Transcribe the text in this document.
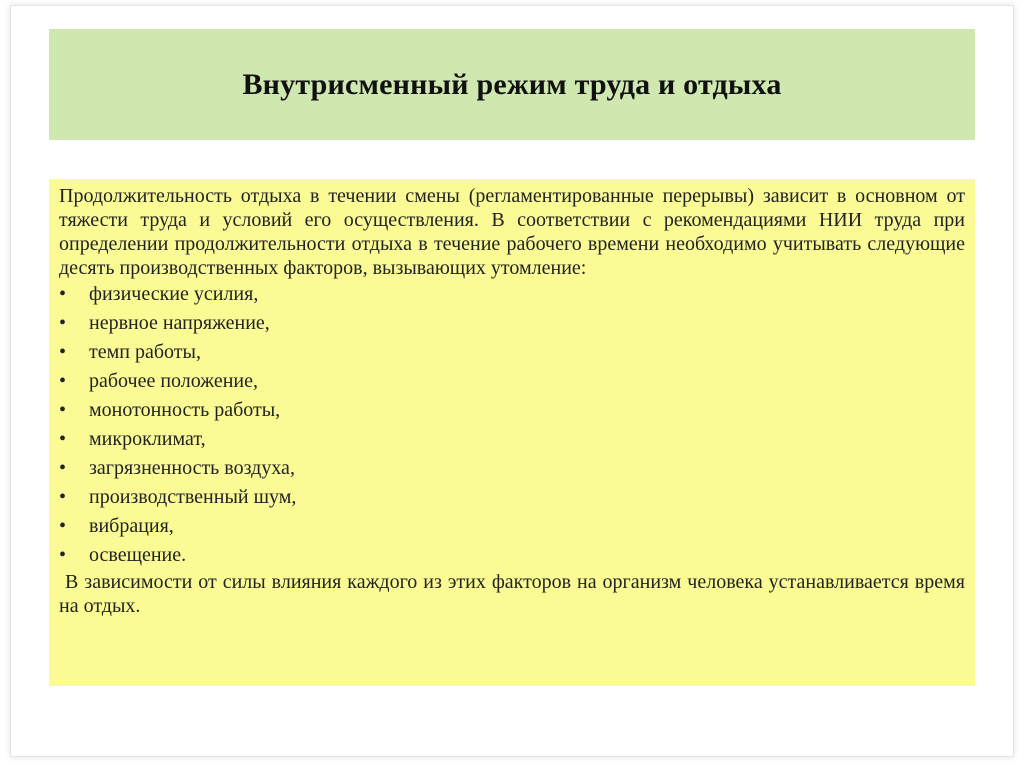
Внутрисменный режим труда и отдыха

Продолжительность отдыха в течении смены (регламентированные перерывы) зависит в основном от тяжести труда и условий его осуществления. В соответствии с рекомендациями НИИ труда при определении продолжительности отдыха в течение рабочего времени необходимо учитывать следующие десять производственных факторов, вызывающих утомление:

•	физические усилия,
•	нервное напряжение,
•	темп работы,
•	рабочее положение,
•	монотонность работы,
•	микроклимат,
•	загрязненность воздуха,
•	производственный шум,
•	вибрация,
•	освещение.

В зависимости от силы влияния каждого из этих факторов на организм человека устанавливается время на отдых.
